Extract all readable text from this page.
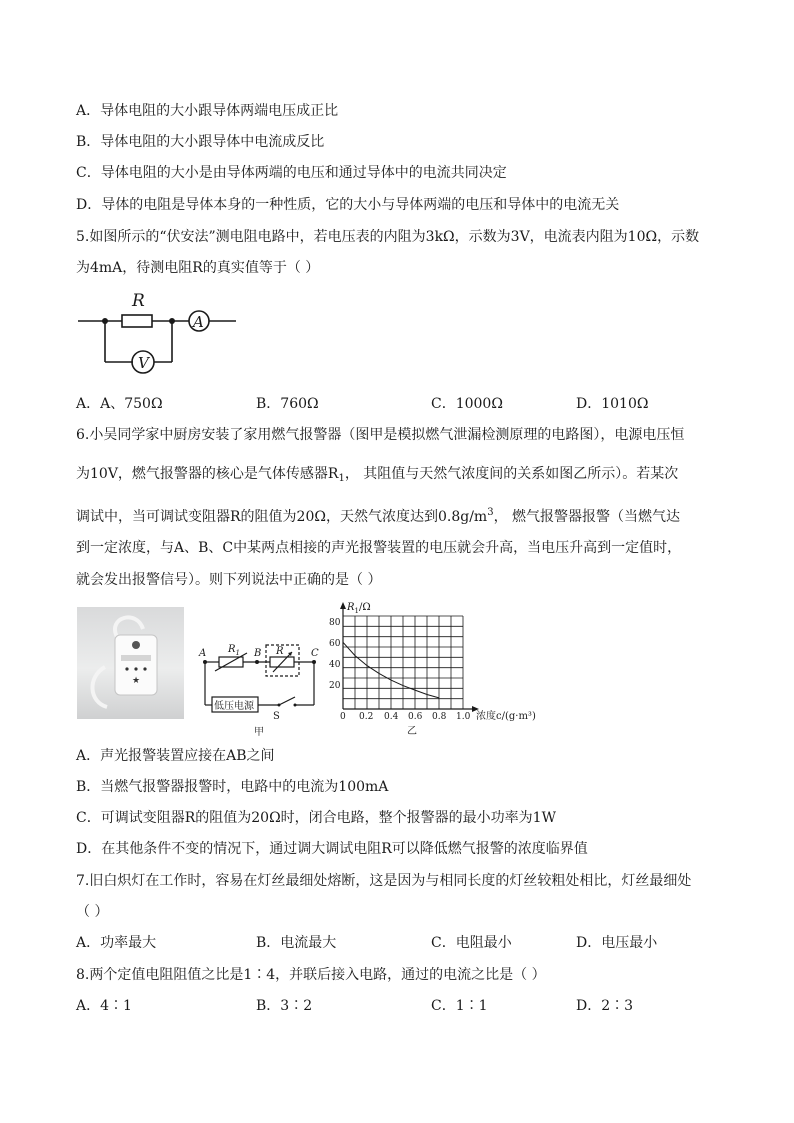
A．导体电阻的大小跟导体两端电压成正比
B．导体电阻的大小跟导体中电流成反比
C．导体电阻的大小是由导体两端的电压和通过导体中的电流共同决定
D．导体的电阻是导体本身的一种性质，它的大小与导体两端的电压和导体中的电流无关
5.如图所示的“伏安法”测电阻电路中，若电压表的内阻为3kΩ，示数为3V，电流表内阻为10Ω，示数
为4mA，待测电阻R的真实值等于（ ）
R
A
V
A．A、750Ω	B．760Ω	C．1000Ω	D．1010Ω
6.小吴同学家中厨房安装了家用燃气报警器（图甲是模拟燃气泄漏检测原理的电路图），电源电压恒
为10V，燃气报警器的核心是气体传感器$R_1$， 其阻值与天然气浓度间的关系如图乙所示）。若某次
调试中，当可调试变阻器R的阻值为20Ω，天然气浓度达到$0.8g/m^3$， 燃气报警器报警（当燃气达
到一定浓度，与A、B、C中某两点相接的声光报警装置的电压就会升高，当电压升高到一定值时，
就会发出报警信号）。则下列说法中正确的是（ ）
★
A	B	C
$R_1$	R
低压电源
S
甲
$R_1/\Omega$
80
60
40
20
0 0.2 0.4 0.6 0.8 1.0 浓度c/(g·m³)
乙
A．声光报警装置应接在AB之间
B．当燃气报警器报警时，电路中的电流为100mA
C．可调试变阻器R的阻值为20Ω时，闭合电路，整个报警器的最小功率为1W
D．在其他条件不变的情况下，通过调大调试电阻R可以降低燃气报警的浓度临界值
7.旧白炽灯在工作时，容易在灯丝最细处熔断，这是因为与相同长度的灯丝较粗处相比，灯丝最细处
（ ）
A．功率最大	B．电流最大	C．电阻最小	D．电压最小
8.两个定值电阻阻值之比是1∶4，并联后接入电路，通过的电流之比是（ ）
A．4∶1	B．3∶2	C．1∶1	D．2∶3
